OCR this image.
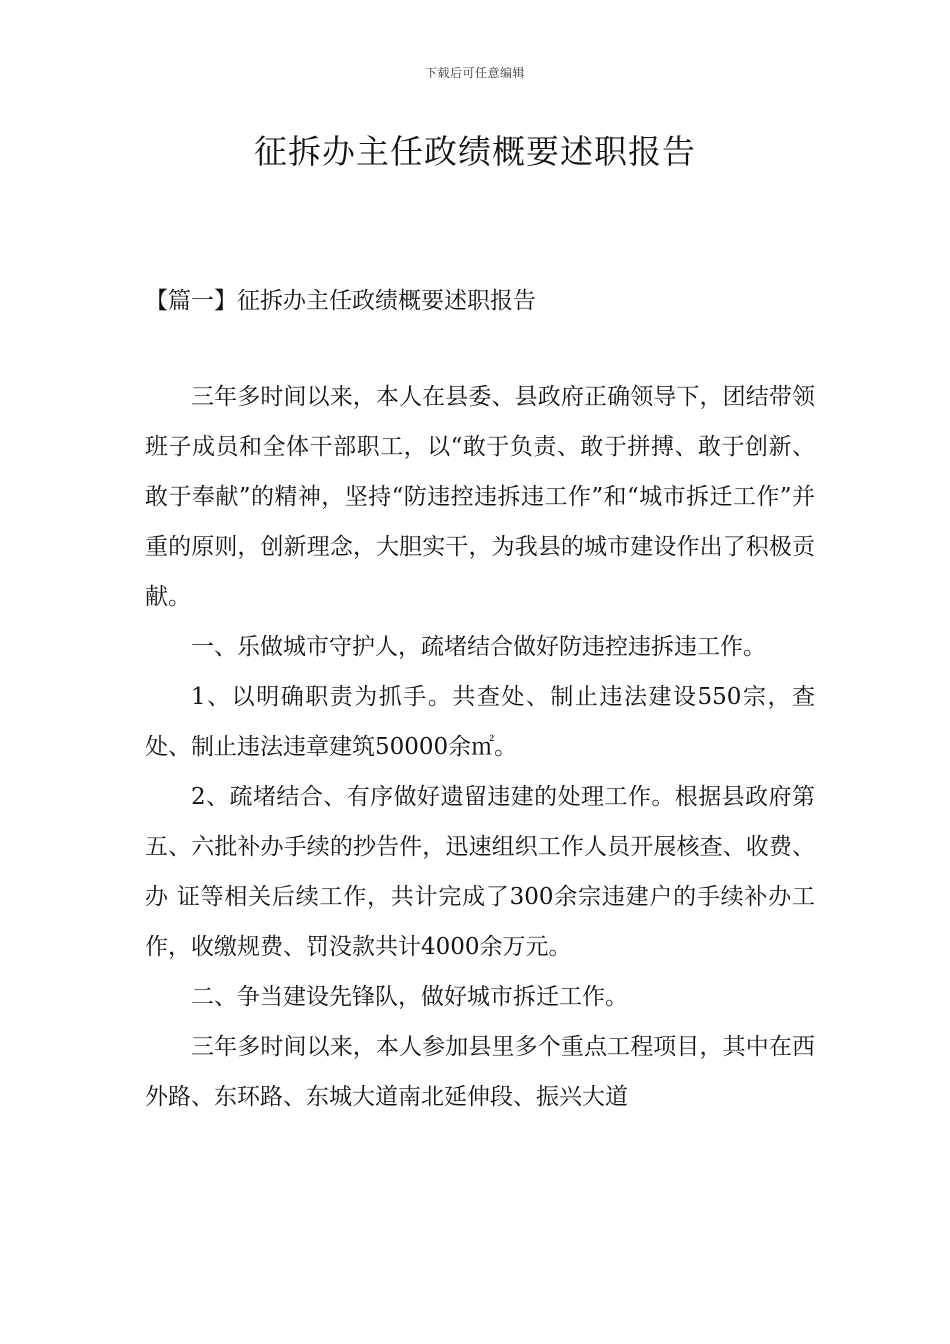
下载后可任意编辑
征拆办主任政绩概要述职报告
【篇一】征拆办主任政绩概要述职报告

三年多时间以来，本人在县委、县政府正确领导下，团结带领班子成员和全体干部职工，以“敢于负责、敢于拼搏、敢于创新、敢于奉献”的精神，坚持“防违控违拆违工作”和“城市拆迁工作”并重的原则，创新理念，大胆实干，为我县的城市建设作出了积极贡献。

一、乐做城市守护人，疏堵结合做好防违控违拆违工作。

1、以明确职责为抓手。共查处、制止违法建设550宗，查处、制止违法违章建筑50000余㎡。

2、疏堵结合、有序做好遗留违建的处理工作。根据县政府第五、六批补办手续的抄告件，迅速组织工作人员开展核查、收费、办 证等相关后续工作，共计完成了300余宗违建户的手续补办工作，收缴规费、罚没款共计4000余万元。

二、争当建设先锋队，做好城市拆迁工作。

三年多时间以来，本人参加县里多个重点工程项目，其中在西外路、东环路、东城大道南北延伸段、振兴大道
